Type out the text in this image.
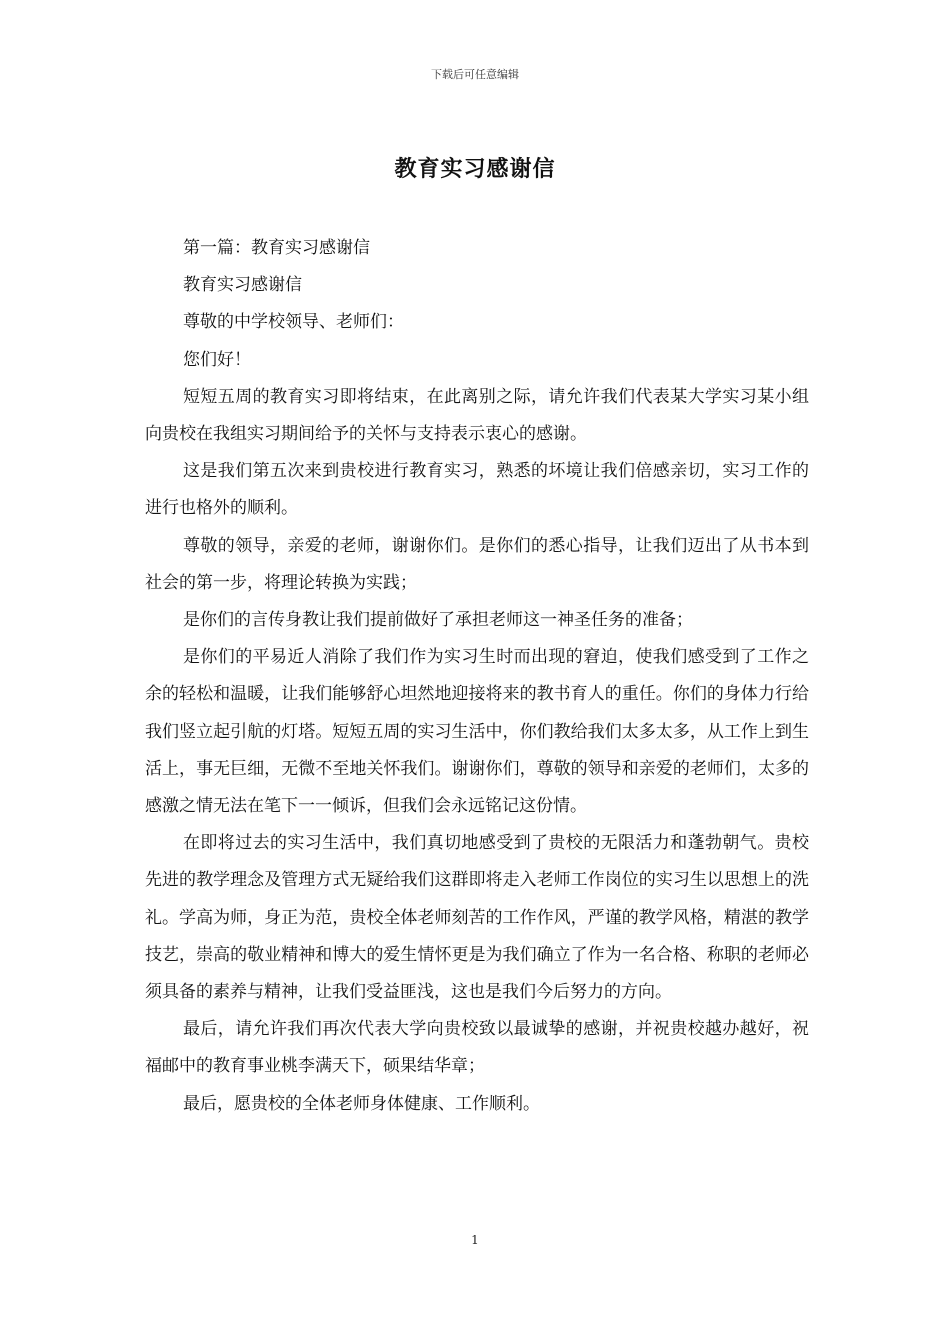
下载后可任意编辑
教育实习感谢信

第一篇：教育实习感谢信

教育实习感谢信

尊敬的中学校领导、老师们：

您们好！

短短五周的教育实习即将结束，在此离别之际，请允许我们代表某大学实习某小组向贵校在我组实习期间给予的关怀与支持表示衷心的感谢。

这是我们第五次来到贵校进行教育实习，熟悉的坏境让我们倍感亲切，实习工作的进行也格外的顺利。

尊敬的领导，亲爱的老师，谢谢你们。是你们的悉心指导，让我们迈出了从书本到社会的第一步，将理论转换为实践；

是你们的言传身教让我们提前做好了承担老师这一神圣任务的准备；

是你们的平易近人消除了我们作为实习生时而出现的窘迫，使我们感受到了工作之余的轻松和温暖，让我们能够舒心坦然地迎接将来的教书育人的重任。你们的身体力行给我们竖立起引航的灯塔。短短五周的实习生活中，你们教给我们太多太多，从工作上到生活上，事无巨细，无微不至地关怀我们。谢谢你们，尊敬的领导和亲爱的老师们，太多的感激之情无法在笔下一一倾诉，但我们会永远铭记这份情。

在即将过去的实习生活中，我们真切地感受到了贵校的无限活力和蓬勃朝气。贵校先进的教学理念及管理方式无疑给我们这群即将走入老师工作岗位的实习生以思想上的洗礼。学高为师，身正为范，贵校全体老师刻苦的工作作风，严谨的教学风格，精湛的教学技艺，崇高的敬业精神和博大的爱生情怀更是为我们确立了作为一名合格、称职的老师必须具备的素养与精神，让我们受益匪浅，这也是我们今后努力的方向。

最后，请允许我们再次代表大学向贵校致以最诚挚的感谢，并祝贵校越办越好，祝福邮中的教育事业桃李满天下，硕果结华章；

最后，愿贵校的全体老师身体健康、工作顺利。

1
